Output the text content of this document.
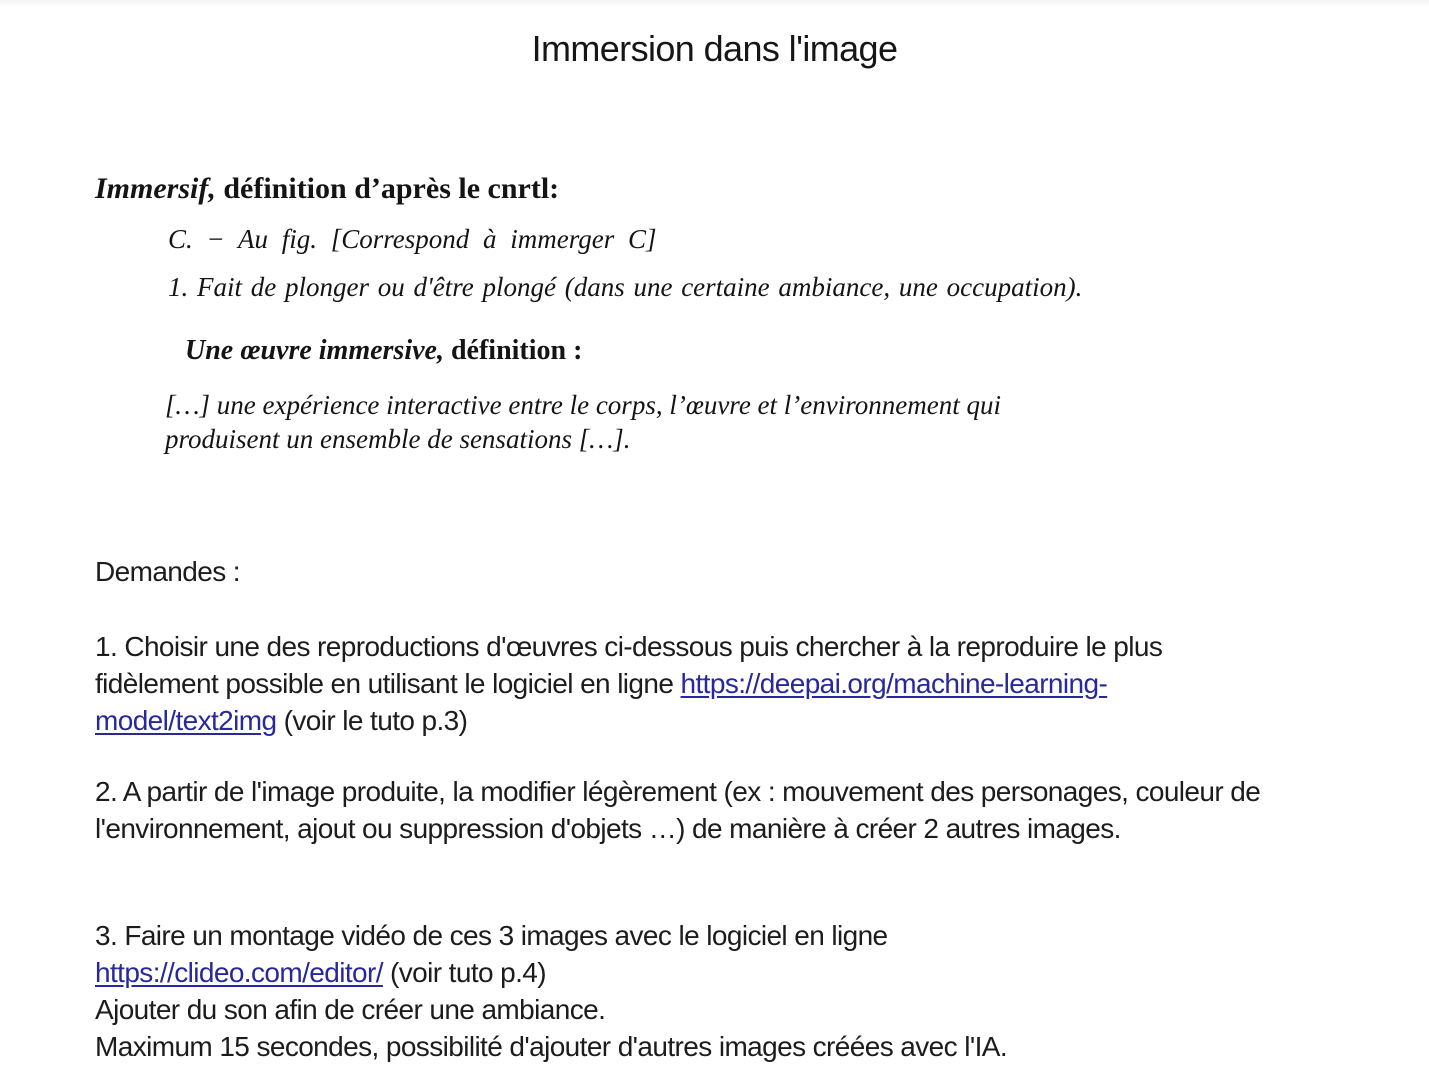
Immersion dans l'image
Immersif, définition d’après le cnrtl:
C. − Au fig. [Correspond à immerger C]
1. Fait de plonger ou d'être plongé (dans une certaine ambiance, une occupation).
Une œuvre immersive, définition :
[…] une expérience interactive entre le corps, l’œuvre et l’environnement qui
produisent un ensemble de sensations […].
Demandes :

1. Choisir une des reproductions d'œuvres ci-dessous puis chercher à la reproduire le plus fidèlement possible en utilisant le logiciel en ligne https://deepai.org/machine-learning-model/text2img (voir le tuto p.3)

2. A partir de l'image produite, la modifier légèrement (ex : mouvement des personages, couleur de l'environnement, ajout ou suppression d'objets …) de manière à créer 2 autres images.

3. Faire un montage vidéo de ces 3 images avec le logiciel en ligne
https://clideo.com/editor/ (voir tuto p.4)
Ajouter du son afin de créer une ambiance.
Maximum 15 secondes, possibilité d'ajouter d'autres images créées avec l'IA.
